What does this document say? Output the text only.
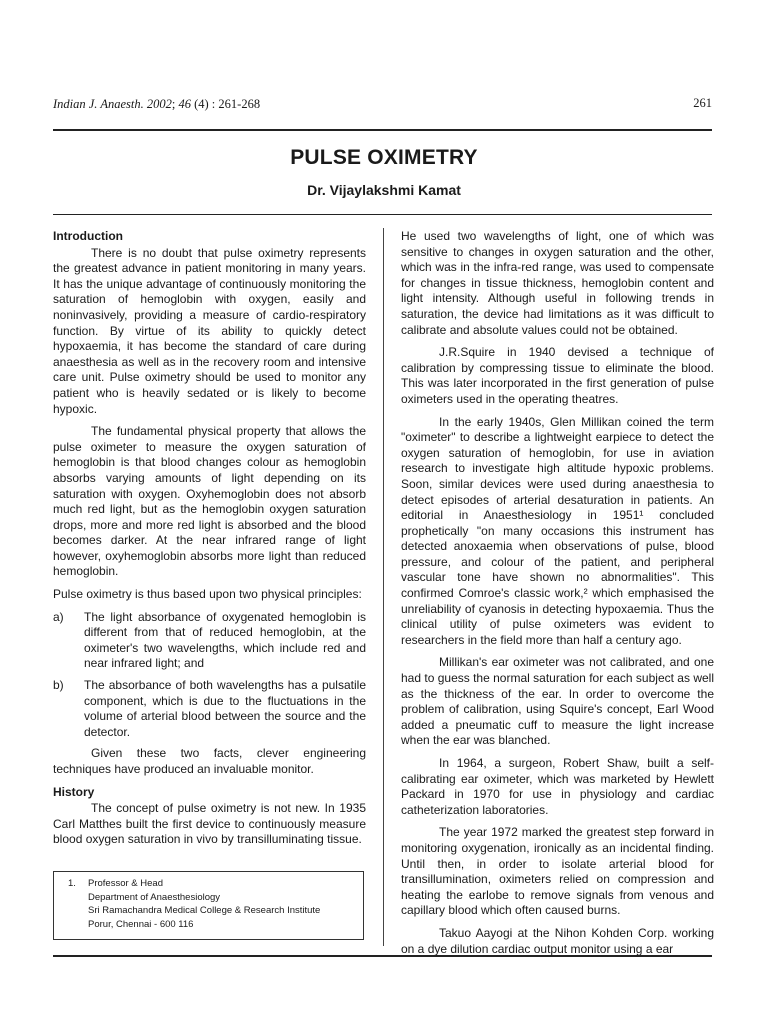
Indian J. Anaesth. 2002; 46 (4) : 261-268	261
PULSE OXIMETRY
Dr. Vijaylakshmi Kamat
Introduction

There is no doubt that pulse oximetry represents the greatest advance in patient monitoring in many years. It has the unique advantage of continuously monitoring the saturation of hemoglobin with oxygen, easily and noninvasively, providing a measure of cardio-respiratory function. By virtue of its ability to quickly detect hypoxaemia, it has become the standard of care during anaesthesia as well as in the recovery room and intensive care unit. Pulse oximetry should be used to monitor any patient who is heavily sedated or is likely to become hypoxic.

The fundamental physical property that allows the pulse oximeter to measure the oxygen saturation of hemoglobin is that blood changes colour as hemoglobin absorbs varying amounts of light depending on its saturation with oxygen. Oxyhemoglobin does not absorb much red light, but as the hemoglobin oxygen saturation drops, more and more red light is absorbed and the blood becomes darker. At the near infrared range of light however, oxyhemoglobin absorbs more light than reduced hemoglobin.

Pulse oximetry is thus based upon two physical principles:

a)	The light absorbance of oxygenated hemoglobin is different from that of reduced hemoglobin, at the oximeter's two wavelengths, which include red and near infrared light; and
b)	The absorbance of both wavelengths has a pulsatile component, which is due to the fluctuations in the volume of arterial blood between the source and the detector.

Given these two facts, clever engineering techniques have produced an invaluable monitor.

History

The concept of pulse oximetry is not new. In 1935 Carl Matthes built the first device to continuously measure blood oxygen saturation in vivo by transilluminating tissue.

1.	Professor & Head
Department of Anaesthesiology
Sri Ramachandra Medical College & Research Institute
Porur, Chennai - 600 116

He used two wavelengths of light, one of which was sensitive to changes in oxygen saturation and the other, which was in the infra-red range, was used to compensate for changes in tissue thickness, hemoglobin content and light intensity. Although useful in following trends in saturation, the device had limitations as it was difficult to calibrate and absolute values could not be obtained.

J.R.Squire in 1940 devised a technique of calibration by compressing tissue to eliminate the blood. This was later incorporated in the first generation of pulse oximeters used in the operating theatres.

In the early 1940s, Glen Millikan coined the term "oximeter" to describe a lightweight earpiece to detect the oxygen saturation of hemoglobin, for use in aviation research to investigate high altitude hypoxic problems. Soon, similar devices were used during anaesthesia to detect episodes of arterial desaturation in patients. An editorial in Anaesthesiology in 1951¹ concluded prophetically "on many occasions this instrument has detected anoxaemia when observations of pulse, blood pressure, and colour of the patient, and peripheral vascular tone have shown no abnormalities". This confirmed Comroe's classic work,² which emphasised the unreliability of cyanosis in detecting hypoxaemia. Thus the clinical utility of pulse oximeters was evident to researchers in the field more than half a century ago.

Millikan's ear oximeter was not calibrated, and one had to guess the normal saturation for each subject as well as the thickness of the ear. In order to overcome the problem of calibration, using Squire's concept, Earl Wood added a pneumatic cuff to measure the light increase when the ear was blanched.

In 1964, a surgeon, Robert Shaw, built a self-calibrating ear oximeter, which was marketed by Hewlett Packard in 1970 for use in physiology and cardiac catheterization laboratories.

The year 1972 marked the greatest step forward in monitoring oxygenation, ironically as an incidental finding. Until then, in order to isolate arterial blood for transillumination, oximeters relied on compression and heating the earlobe to remove signals from venous and capillary blood which often caused burns.

Takuo Aayogi at the Nihon Kohden Corp. working on a dye dilution cardiac output monitor using a ear
